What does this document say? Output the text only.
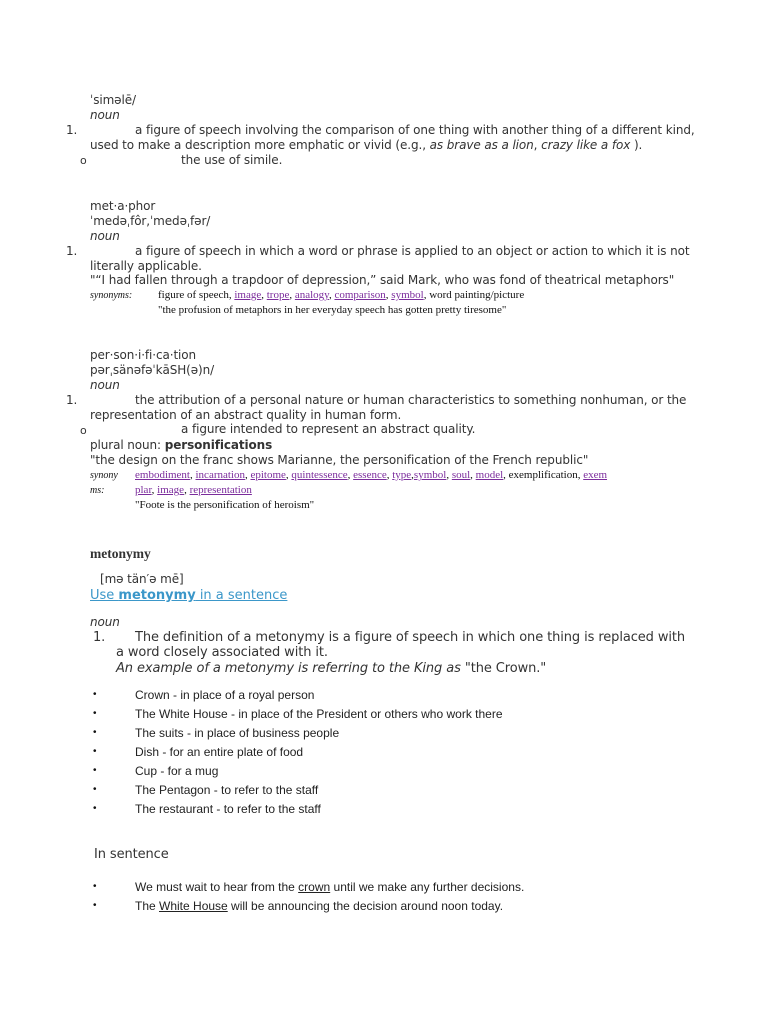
ˈsiməlē/
noun
1.	a figure of speech involving the comparison of one thing with another thing of a different kind,
used to make a description more emphatic or vivid (e.g., as brave as a lion, crazy like a fox ).
o	the use of simile.
met·a·phor
ˈmedəˌfôr,ˈmedəˌfər/
noun
1.	a figure of speech in which a word or phrase is applied to an object or action to which it is not
literally applicable.
"“I had fallen through a trapdoor of depression,” said Mark, who was fond of theatrical metaphors"
synonyms: figure of speech, image, trope, analogy, comparison, symbol, word painting/picture
"the profusion of metaphors in her everyday speech has gotten pretty tiresome"
per·son·i·fi·ca·tion
pərˌsänəfəˈkāSH(ə)n/
noun
1.	the attribution of a personal nature or human characteristics to something nonhuman, or the
representation of an abstract quality in human form.
o	a figure intended to represent an abstract quality.
plural noun: personifications
"the design on the franc shows Marianne, the personification of the French republic"
synony
ms:
embodiment, incarnation, epitome, quintessence, essence, type,symbol, soul, model, exemplification, exem
plar, image, representation
"Foote is the personification of heroism"
metonymy
[mə tän′ə mē]
Use metonymy in a sentence
noun
1. The definition of a metonymy is a figure of speech in which one thing is replaced with
a word closely associated with it.
An example of a metonymy is referring to the King as "the Crown."
•	Crown - in place of a royal person
•	The White House - in place of the President or others who work there
•	The suits - in place of business people
•	Dish - for an entire plate of food
•	Cup - for a mug
•	The Pentagon - to refer to the staff
•	The restaurant - to refer to the staff
In sentence
•	We must wait to hear from the crown until we make any further decisions.
•	The White House will be announcing the decision around noon today.
